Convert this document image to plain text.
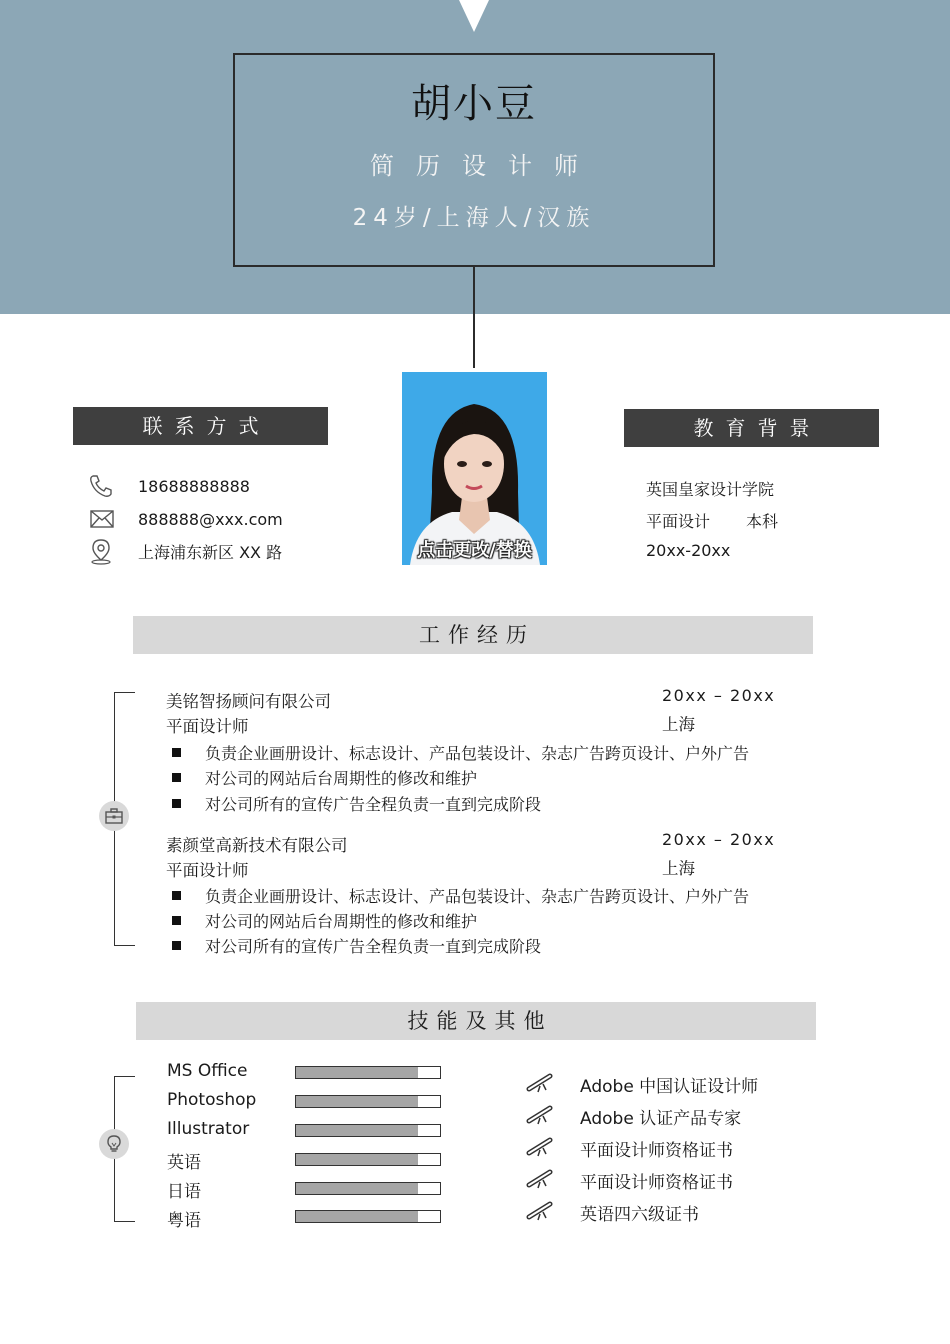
胡小豆
简历设计师
24岁/上海人/汉族
点击更改/替换
联系方式
18688888888
888888@xxx.com
上海浦东新区 XX 路
教育背景
英国皇家设计学院
平面设计 本科
20xx-20xx
工作经历
美铭智扬顾问有限公司
平面设计师
20xx – 20xx
上海
负责企业画册设计、标志设计、产品包装设计、杂志广告跨页设计、户外广告
对公司的网站后台周期性的修改和维护
对公司所有的宣传广告全程负责一直到完成阶段
素颜堂高新技术有限公司
平面设计师
20xx – 20xx
上海
负责企业画册设计、标志设计、产品包装设计、杂志广告跨页设计、户外广告
对公司的网站后台周期性的修改和维护
对公司所有的宣传广告全程负责一直到完成阶段
技能及其他
MS Office
Photoshop
Illustrator
英语
日语
粤语
Adobe 中国认证设计师
Adobe 认证产品专家
平面设计师资格证书
平面设计师资格证书
英语四六级证书
